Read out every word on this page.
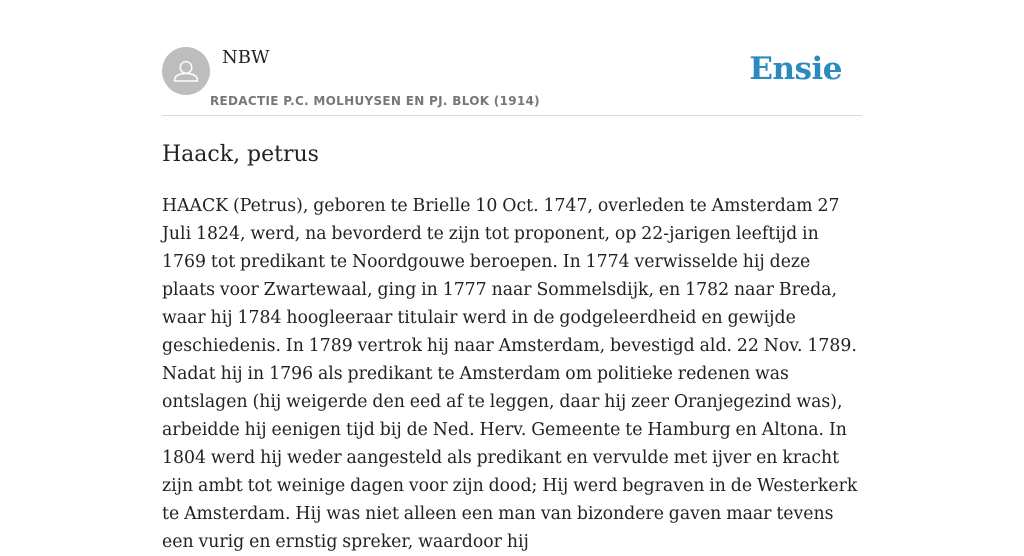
NBW
REDACTIE P.C. MOLHUYSEN EN PJ. BLOK (1914)
Ensie
Haack, petrus

HAACK (Petrus), geboren te Brielle 10 Oct. 1747, overleden te Amsterdam 27 Juli 1824, werd, na bevorderd te zijn tot proponent, op 22-jarigen leeftijd in 1769 tot predikant te Noordgouwe beroepen. In 1774 verwisselde hij deze plaats voor Zwartewaal, ging in 1777 naar Sommelsdijk, en 1782 naar Breda, waar hij 1784 hoogleeraar titulair werd in de godgeleerdheid en gewijde geschiedenis. In 1789 vertrok hij naar Amsterdam, bevestigd ald. 22 Nov. 1789. Nadat hij in 1796 als predikant te Amsterdam om politieke redenen was ontslagen (hij weigerde den eed af te leggen, daar hij zeer Oranjegezind was), arbeidde hij eenigen tijd bij de Ned. Herv. Gemeente te Hamburg en Altona. In 1804 werd hij weder aangesteld als predikant en vervulde met ijver en kracht zijn ambt tot weinige dagen voor zijn dood; Hij werd begraven in de Westerkerk te Amsterdam. Hij was niet alleen een man van bizondere gaven maar tevens een vurig en ernstig spreker, waardoor hij
